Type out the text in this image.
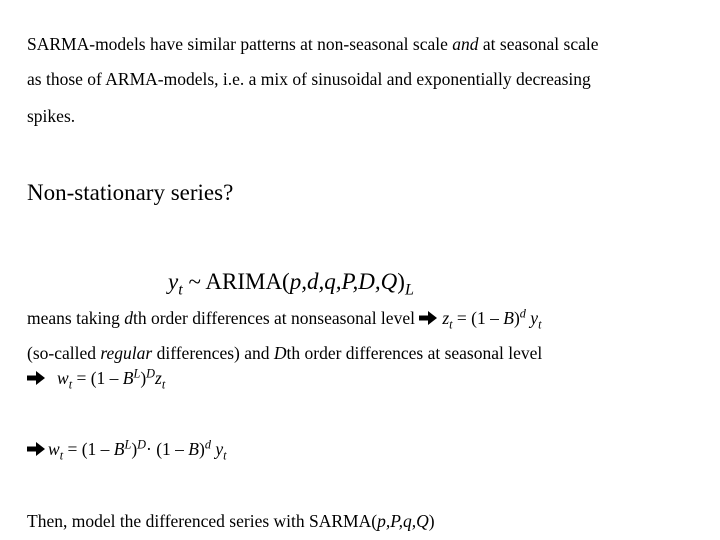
SARMA-models have similar patterns at non-seasonal scale and at seasonal scale
as those of ARMA-models, i.e. a mix of sinusoidal and exponentially decreasing
spikes.
Non-stationary series?
$y_t$ ~ $ARIMA(p,d,q,P,D,Q)_L$
means taking dth order differences at nonseasonal level $z_t = (1 - B)^d$ $y_t$
(so-called regular differences) and Dth order differences at seasonal level
$w_t = (1 - B^L)^Dz_t$
$w_t = (1 - B^L)^D\cdot (1 - B)^d$ $y_t$
Then, model the differenced series with SARMA(p,P,q,Q)
